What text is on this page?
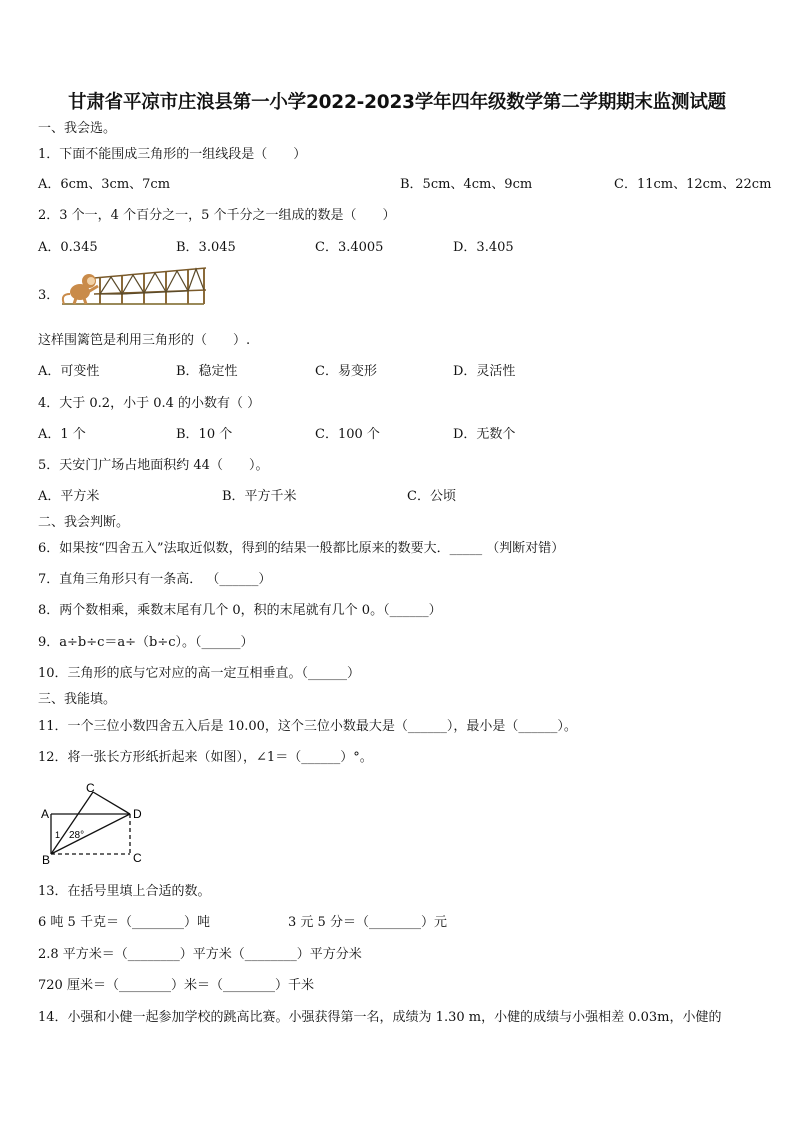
甘肃省平凉市庄浪县第一小学2022-2023学年四年级数学第二学期期末监测试题
一、我会选。
1．下面不能围成三角形的一组线段是（　　）
A．6cm、3cm、7cm	B．5cm、4cm、9cm	C．11cm、12cm、22cm
2．3 个一，4 个百分之一，5 个千分之一组成的数是（　　）
A．0.345	B．3.045	C．3.4005	D．3.405
3．
这样围篱笆是利用三角形的（　　）.
A．可变性	B．稳定性	C．易变形	D．灵活性
4．大于 0.2，小于 0.4 的小数有（ ）
A．1 个	B．10 个	C．100 个	D．无数个
5．天安门广场占地面积约 44（　　）。
A．平方米	B．平方千米	C．公顷
二、我会判断。
6．如果按“四舍五入”法取近似数，得到的结果一般都比原来的数要大．_____ （判断对错）
7．直角三角形只有一条高． （______）
8．两个数相乘，乘数末尾有几个 0，积的末尾就有几个 0。（______）
9．a÷b÷c＝a÷（b÷c）。（______）
10．三角形的底与它对应的高一定互相垂直。（______）
三、我能填。
11．一个三位小数四舍五入后是 10.00，这个三位小数最大是（______），最小是（______）。
12．将一张长方形纸折起来（如图），∠1＝（______）°。
A
B
C
D
C
1 28°
13．在括号里填上合适的数。
6 吨 5 千克＝（________）吨	3 元 5 分＝（________）元
2.8 平方米＝（________）平方米（________）平方分米
720 厘米＝（________）米＝（________）千米
14．小强和小健一起参加学校的跳高比赛。小强获得第一名，成绩为 1.30 m，小健的成绩与小强相差 0.03m，小健的
